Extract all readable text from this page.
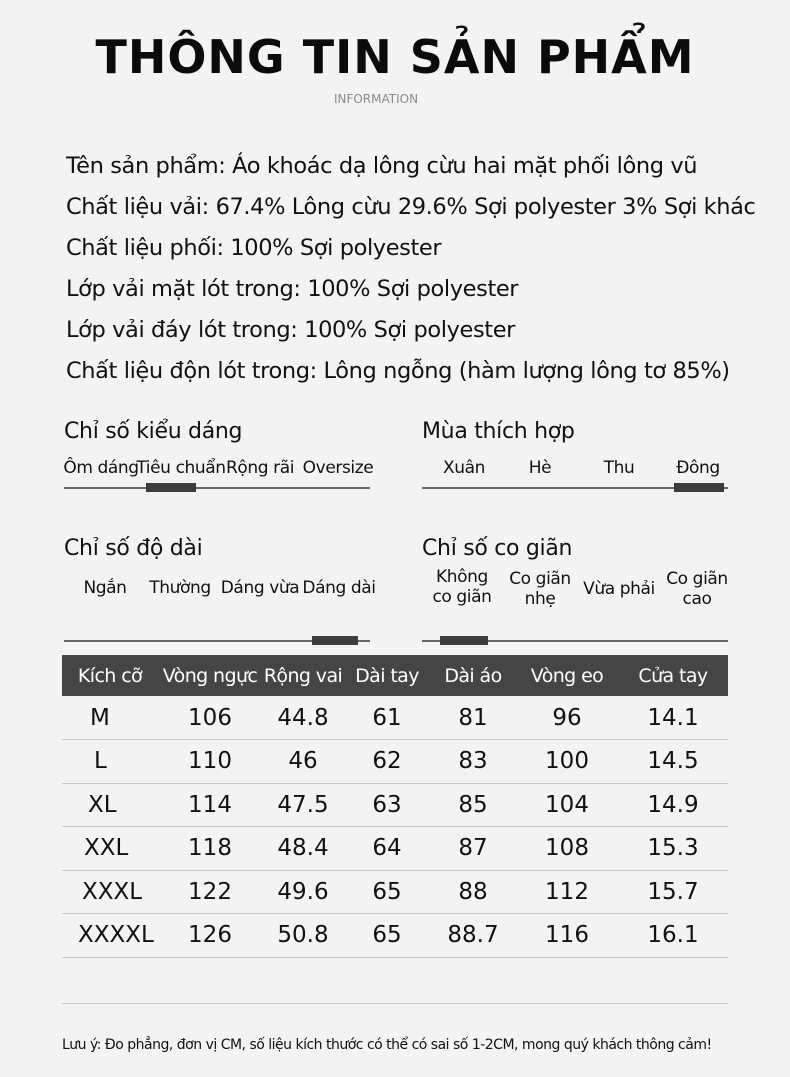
THÔNG TIN SẢN PHẨM
INFORMATION
Tên sản phẩm: Áo khoác dạ lông cừu hai mặt phối lông vũ
Chất liệu vải: 67.4% Lông cừu 29.6% Sợi polyester 3% Sợi khác
Chất liệu phối: 100% Sợi polyester
Lớp vải mặt lót trong: 100% Sợi polyester
Lớp vải đáy lót trong: 100% Sợi polyester
Chất liệu độn lót trong: Lông ngỗng (hàm lượng lông tơ 85%)
Chỉ số kiểu dáng
Ôm dáng
Tiêu chuẩn Rộng rãi Oversize
Mùa thích hợp
Xuân	Hè	Thu Đông
Chỉ số độ dài
Ngắn Thường Dáng vừa Dáng dài
Chỉ số co giãn
Không
co giãn
Co giãn
nhẹ	Vừa phải Co giãn
cao
Kích cỡ	Vòng ngực	Rộng vai	Dài tay	Dài áo	Vòng eo	Cửa tay
M	106	44.8	61	81	96	14.1
L	110	46	62	83	100	14.5
XL	114	47.5	63	85	104	14.9
XXL	118	48.4	64	87	108	15.3
XXXL	122	49.6	65	88	112	15.7
XXXXL	126	50.8	65	88.7	116	16.1
Lưu ý: Đo phẳng, đơn vị CM, số liệu kích thước có thể có sai số 1-2CM, mong quý khách thông cảm!
